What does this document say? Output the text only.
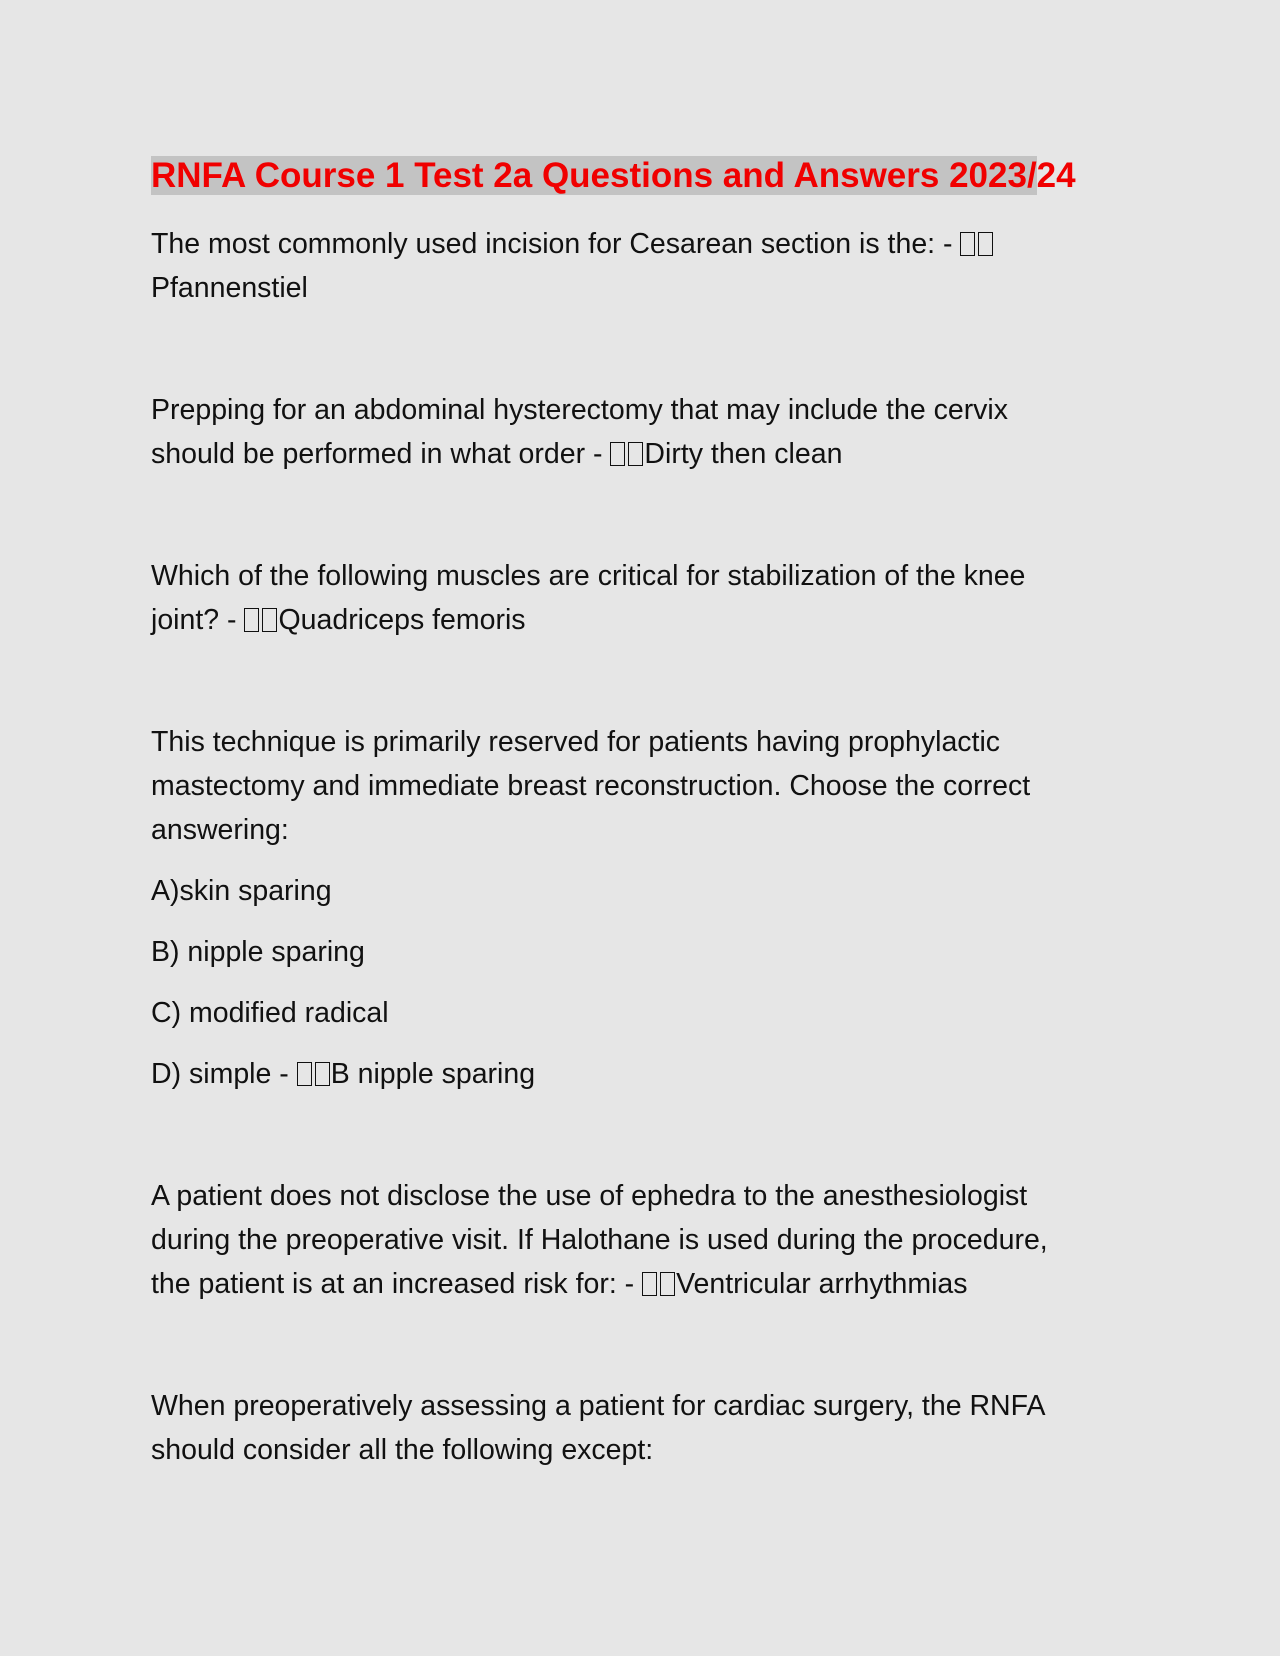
RNFA Course 1 Test 2a Questions and Answers 2023/24

The most commonly used incision for Cesarean section is the: -

Pfannenstiel

Prepping for an abdominal hysterectomy that may include the cervix

should be performed in what order - Dirty then clean

Which of the following muscles are critical for stabilization of the knee

joint? - Quadriceps femoris

This technique is primarily reserved for patients having prophylactic

mastectomy and immediate breast reconstruction. Choose the correct

answering:

A)skin sparing

B) nipple sparing

C) modified radical

D) simple - B nipple sparing

A patient does not disclose the use of ephedra to the anesthesiologist

during the preoperative visit. If Halothane is used during the procedure,

the patient is at an increased risk for: - Ventricular arrhythmias

When preoperatively assessing a patient for cardiac surgery, the RNFA

should consider all the following except:
